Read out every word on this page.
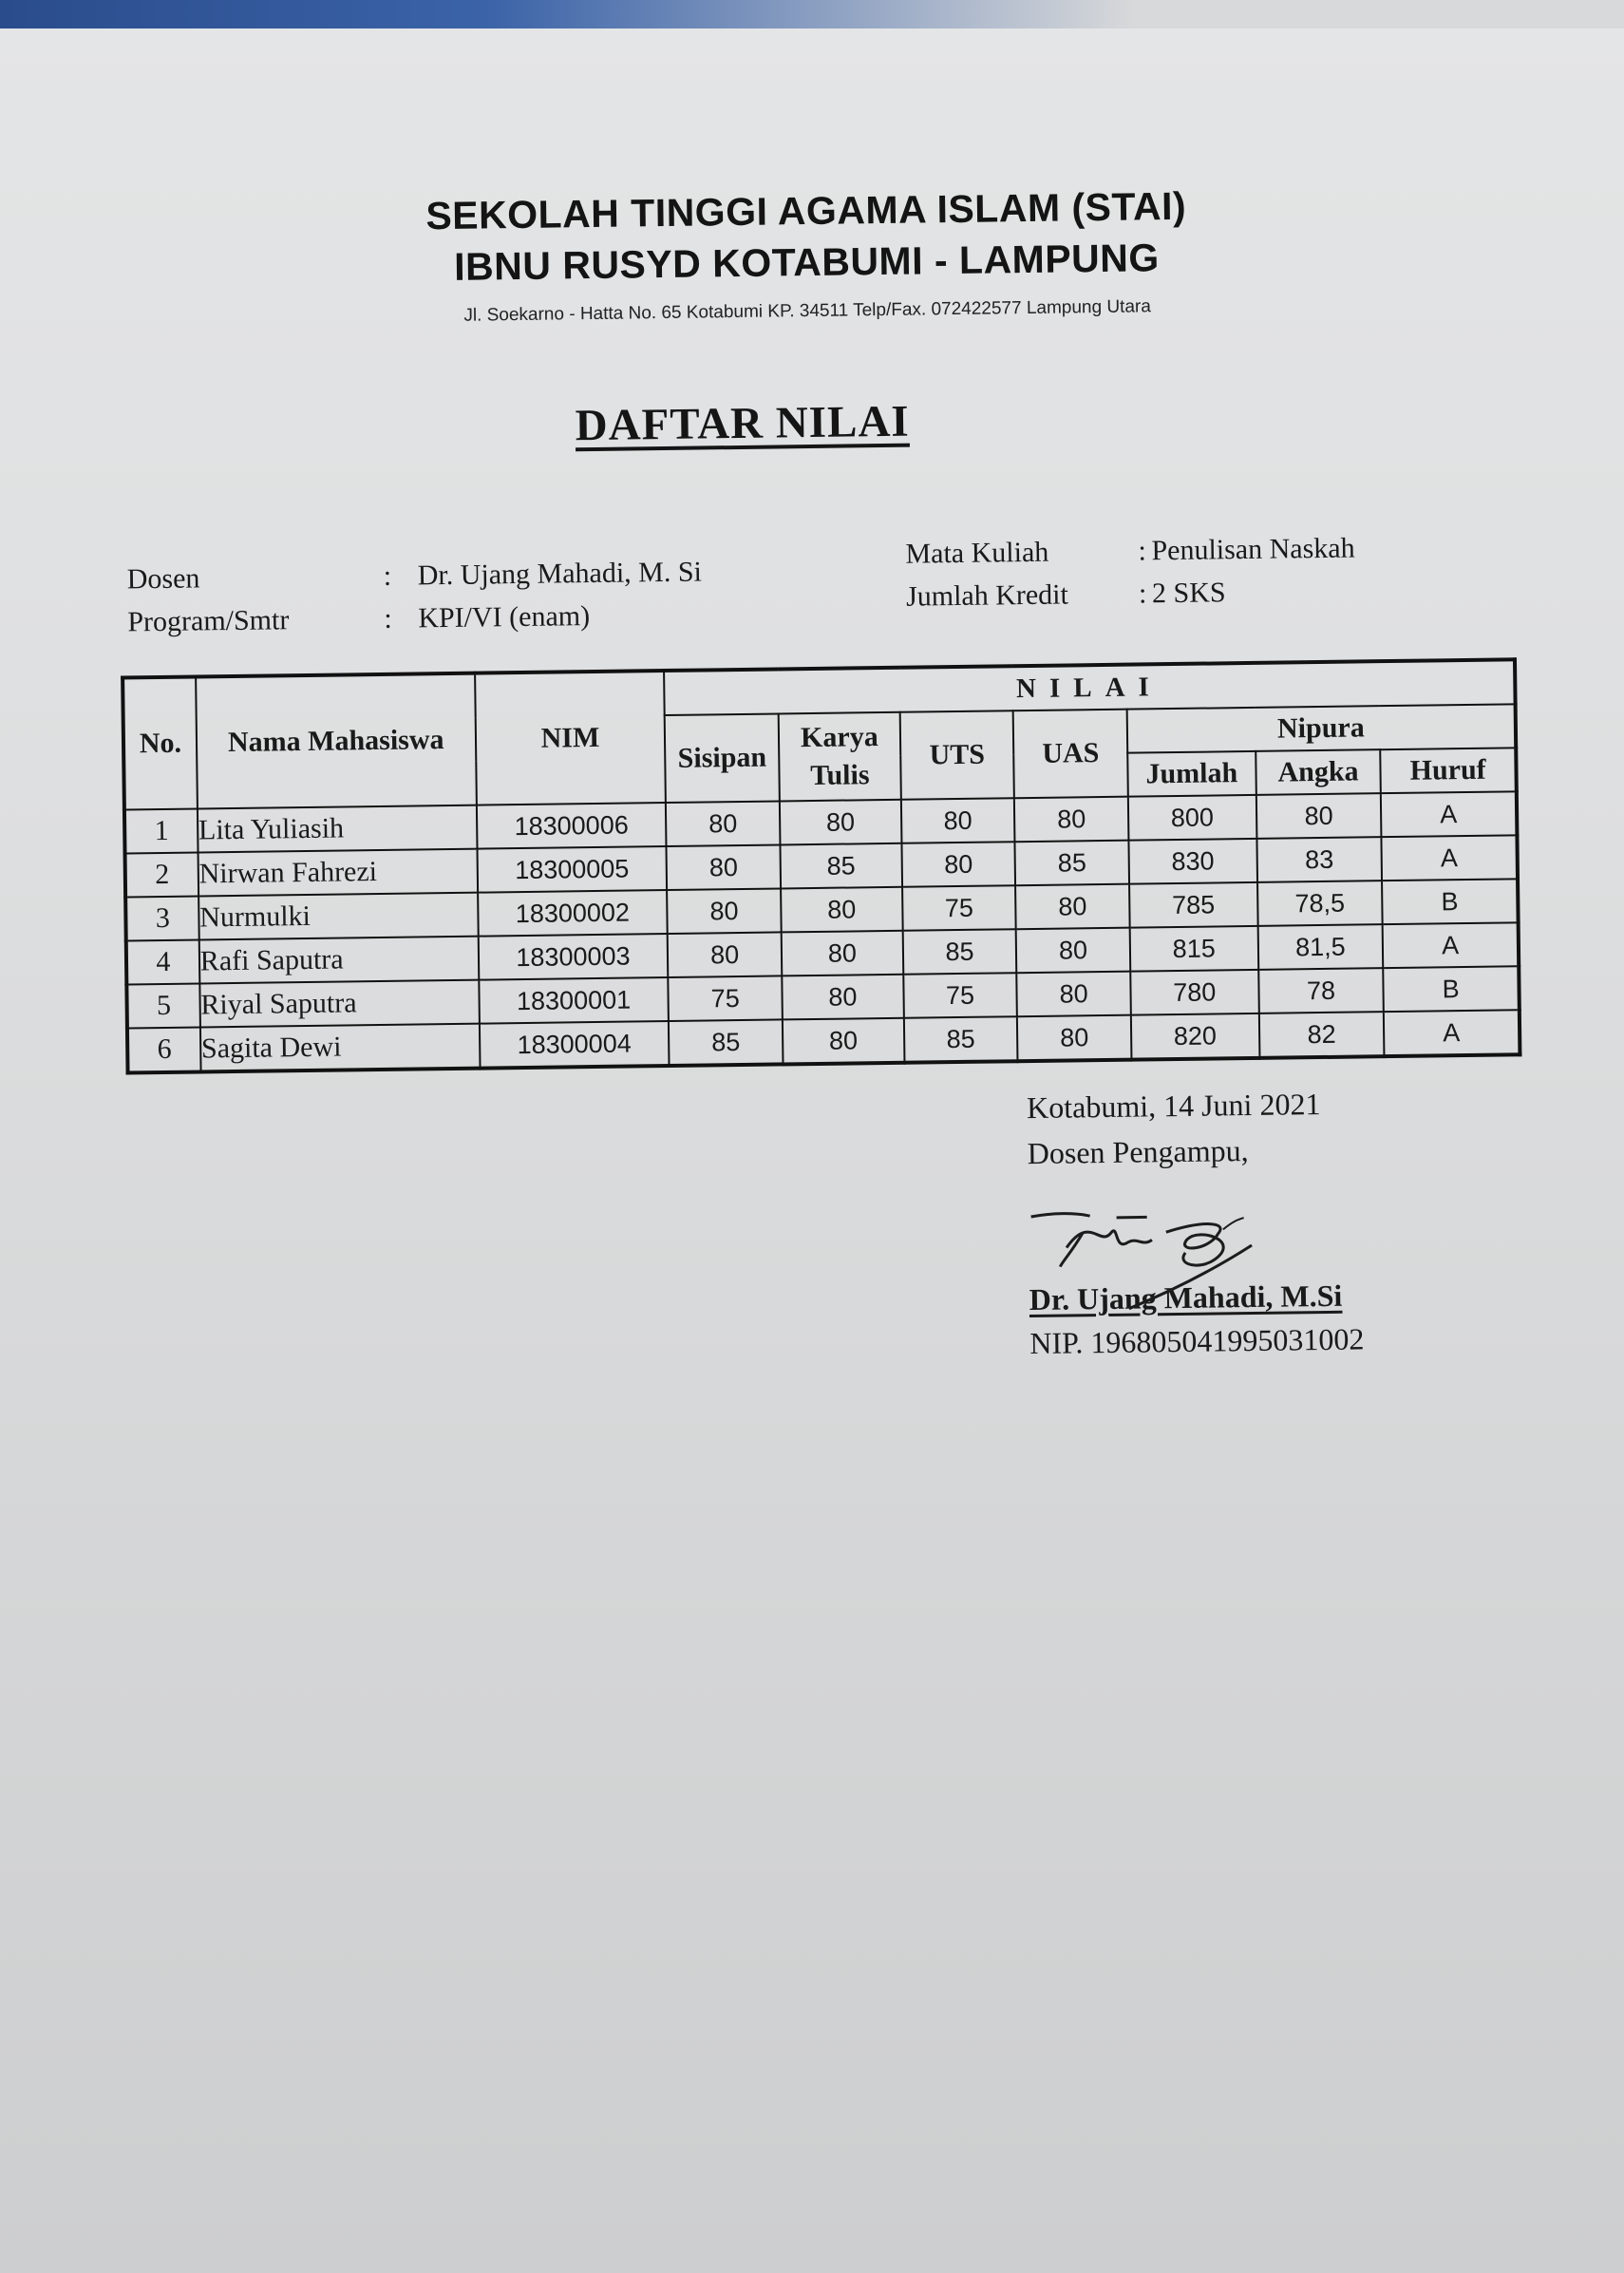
SEKOLAH TINGGI AGAMA ISLAM (STAI)
IBNU RUSYD KOTABUMI - LAMPUNG
Jl. Soekarno - Hatta No. 65 Kotabumi KP. 34511 Telp/Fax. 072422577 Lampung Utara
DAFTAR NILAI
Dosen	: Dr. Ujang Mahadi, M. Si
Program/Smtr	: KPI/VI (enam)
Mata Kuliah	: Penulisan Naskah
Jumlah Kredit	: 2 SKS
No.	Nama Mahasiswa	NIM	NILAI						
			Sisipan	Karya Tulis	UTS	UAS	Nipura		
							Jumlah	Angka	Huruf
1	Lita Yuliasih	18300006	80	80	80	80	800	80	A
2	Nirwan Fahrezi	18300005	80	85	80	85	830	83	A
3	Nurmulki	18300002	80	80	75	80	785	78,5	B
4	Rafi Saputra	18300003	80	80	85	80	815	81,5	A
5	Riyal Saputra	18300001	75	80	75	80	780	78	B
6	Sagita Dewi	18300004	85	80	85	80	820	82	A
Kotabumi, 14 Juni 2021
Dosen Pengampu,
Dr. Ujang Mahadi, M.Si
NIP. 196805041995031002
